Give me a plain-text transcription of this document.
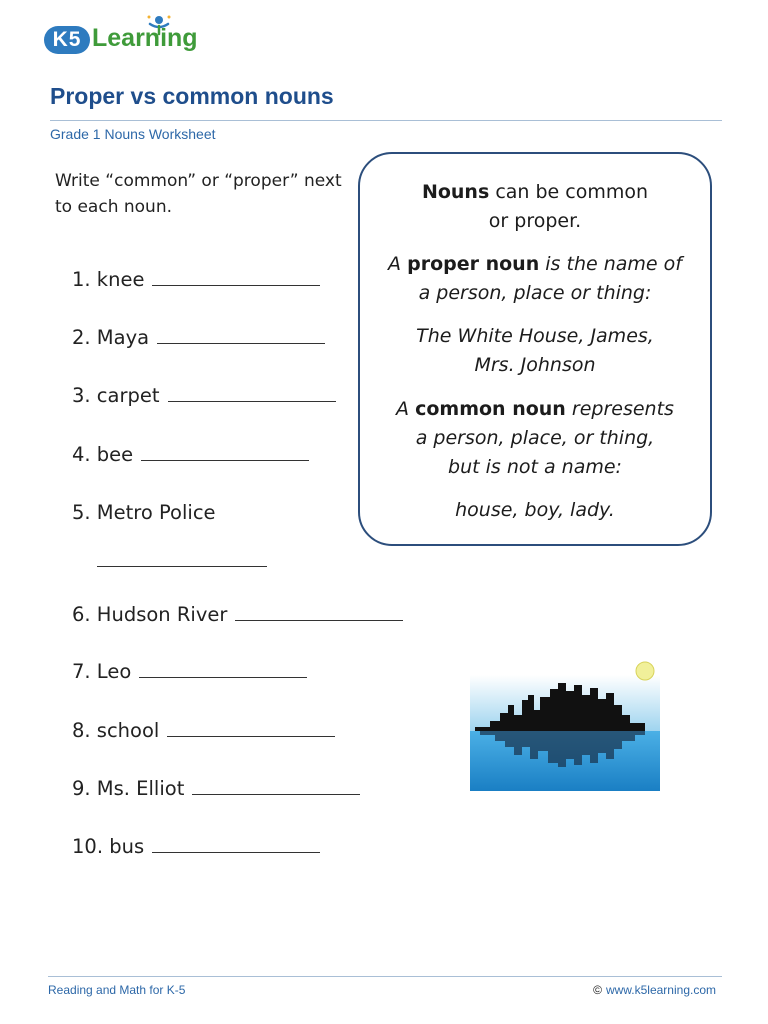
K5 Learning
Proper vs common nouns
Grade 1 Nouns Worksheet
Write “common” or “proper” next to each noun.
1. knee
2. Maya
3. carpet
4. bee
5. Metro Police
6. Hudson River
7. Leo
8. school
9. Ms. Elliot
10. bus

Nouns can be common
or proper.

A proper noun is the name of
a person, place or thing:

The White House, James,
Mrs. Johnson

A common noun represents
a person, place, or thing,
but is not a name:

house, boy, lady.

Reading and Math for K-5	© www.k5learning.com
